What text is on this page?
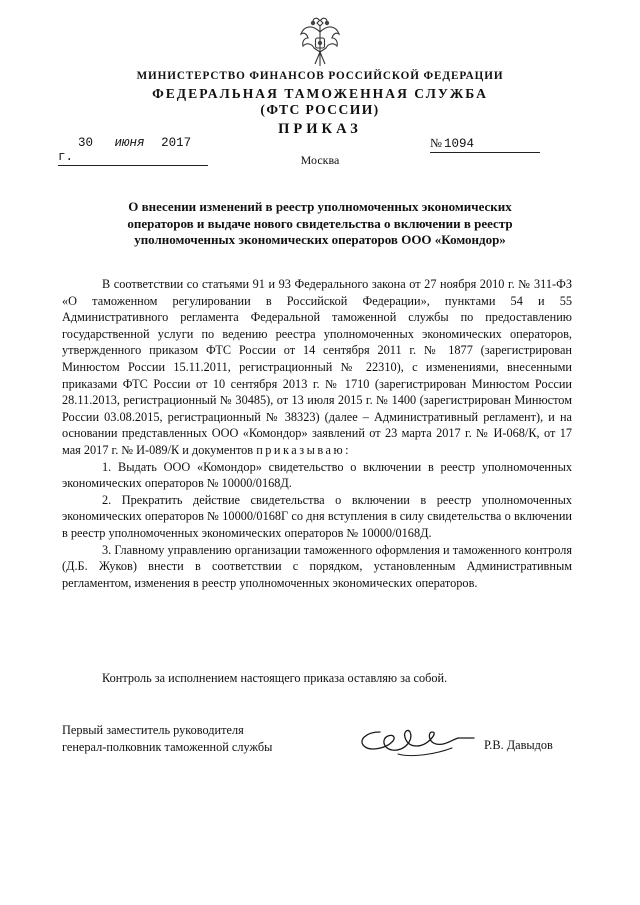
МИНИСТЕРСТВО ФИНАНСОВ РОССИЙСКОЙ ФЕДЕРАЦИИ
ФЕДЕРАЛЬНАЯ ТАМОЖЕННАЯ СЛУЖБА
(ФТС РОССИИ)
ПРИКАЗ
30 июня 2017 г.
№ 1094
Москва
О внесении изменений в реестр уполномоченных экономических
операторов и выдаче нового свидетельства о включении в реестр
уполномоченных экономических операторов ООО «Комондор»

В соответствии со статьями 91 и 93 Федерального закона от 27 ноября 2010 г. № 311-ФЗ «О таможенном регулировании в Российской Федерации», пунктами 54 и 55 Административного регламента Федеральной таможенной службы по предоставлению государственной услуги по ведению реестра уполномоченных экономических операторов, утвержденного приказом ФТС России от 14 сентября 2011 г. № 1877 (зарегистрирован Минюстом России 15.11.2011, регистрационный № 22310), с изменениями, внесенными приказами ФТС России от 10 сентября 2013 г. № 1710 (зарегистрирован Минюстом России 28.11.2013, регистрационный № 30485), от 13 июля 2015 г. № 1400 (зарегистрирован Минюстом России 03.08.2015, регистрационный № 38323) (далее – Административный регламент), и на основании представленных ООО «Комондор» заявлений от 23 марта 2017 г. № И-068/К, от 17 мая 2017 г. № И-089/К и документов приказываю:

1. Выдать ООО «Комондор» свидетельство о включении в реестр уполномоченных экономических операторов № 10000/0168Д.

2. Прекратить действие свидетельства о включении в реестр уполномоченных экономических операторов № 10000/0168Г со дня вступления в силу свидетельства о включении в реестр уполномоченных экономических операторов № 10000/0168Д.

3. Главному управлению организации таможенного оформления и таможенного контроля (Д.Б. Жуков) внести в соответствии с порядком, установленным Административным регламентом, изменения в реестр уполномоченных экономических операторов.

Контроль за исполнением настоящего приказа оставляю за собой.
Первый заместитель руководителя
генерал-полковник таможенной службы	Р.В. Давыдов
